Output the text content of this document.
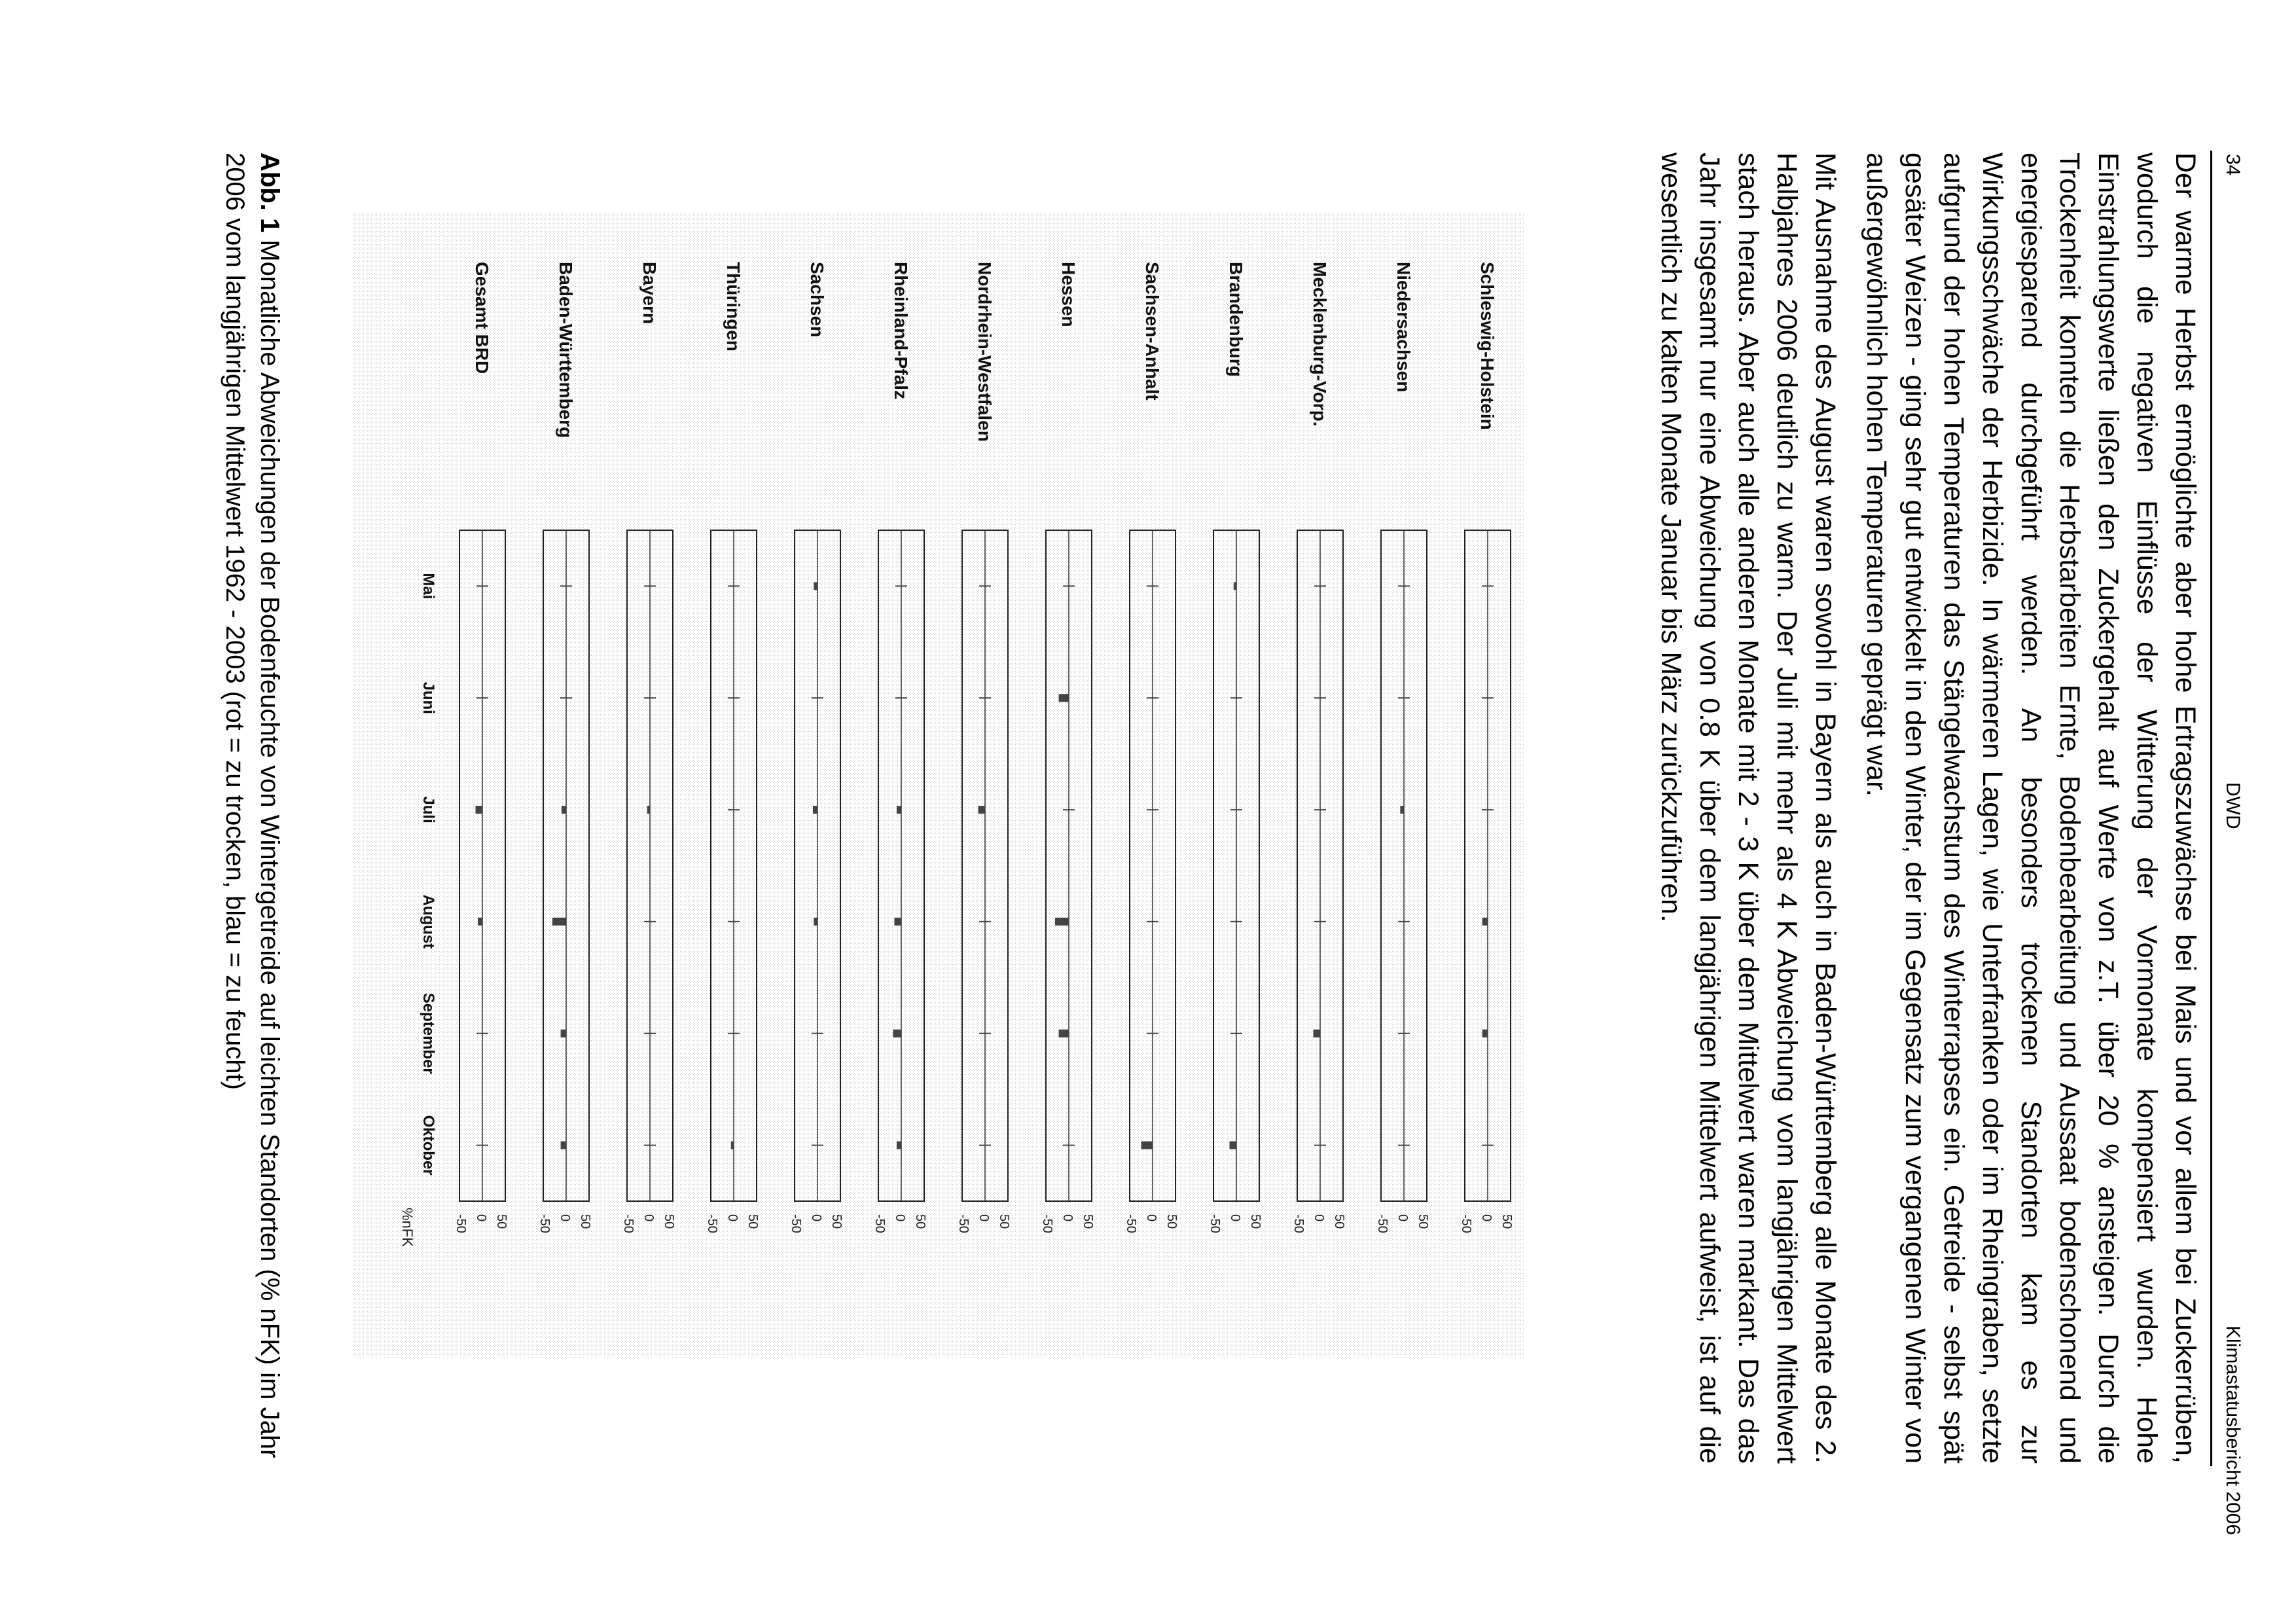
34
DWD
Klimastatusbericht 2006

Der warme Herbst ermöglichte aber hohe Ertragszuwächse bei Mais und vor allem bei Zuckerrüben, wodurch die negativen Einflüsse der Witterung der Vormonate kompensiert wurden. Hohe Einstrahlungswerte ließen den Zuckergehalt auf Werte von z.T. über 20 % ansteigen. Durch die Trockenheit konnten die Herbstarbeiten Ernte, Bodenbearbeitung und Aussaat bodenschonend und energiesparend durchgeführt werden. An besonders trockenen Standorten kam es zur Wirkungsschwäche der Herbizide. In wärmeren Lagen, wie Unterfranken oder im Rheingraben, setzte aufgrund der hohen Temperaturen das Stängelwachstum des Winterrapses ein. Getreide - selbst spät gesäter Weizen - ging sehr gut entwickelt in den Winter, der im Gegensatz zum vergangenen Winter von außergewöhnlich hohen Temperaturen geprägt war.

Mit Ausnahme des August waren sowohl in Bayern als auch in Baden-Württemberg alle Monate des 2. Halbjahres 2006 deutlich zu warm. Der Juli mit mehr als 4 K Abweichung vom langjährigen Mittelwert stach heraus. Aber auch alle anderen Monate mit 2 - 3 K über dem Mittelwert waren markant. Das das Jahr insgesamt nur eine Abweichung von 0.8 K über dem langjährigen Mittelwert aufweist, ist auf die wesentlich zu kalten Monate Januar bis März zurückzuführen.

Schleswig-Holstein
50
0
-50
Niedersachsen
50
0
-50
Mecklenburg-Vorp.
50
0
-50
Brandenburg
50
0
-50
Sachsen-Anhalt
50
0
-50
Hessen
50
0
-50
Nordrhein-Westfalen
50
0
-50
Rheinland-Pfalz
50
0
-50
Sachsen
50
0
-50
Thüringen
50
0
-50
Bayern
50
0
-50
Baden-Württemberg
50
0
-50
Gesamt BRD
50
0
-50
Mai
Juni
Juli
August
September
Oktober
%nFK

Abb. 1 Monatliche Abweichungen der Bodenfeuchte von Wintergetreide auf leichten Standorten (% nFK) im Jahr 2006 vom langjährigen Mittelwert 1962 - 2003 (rot = zu trocken, blau = zu feucht)
